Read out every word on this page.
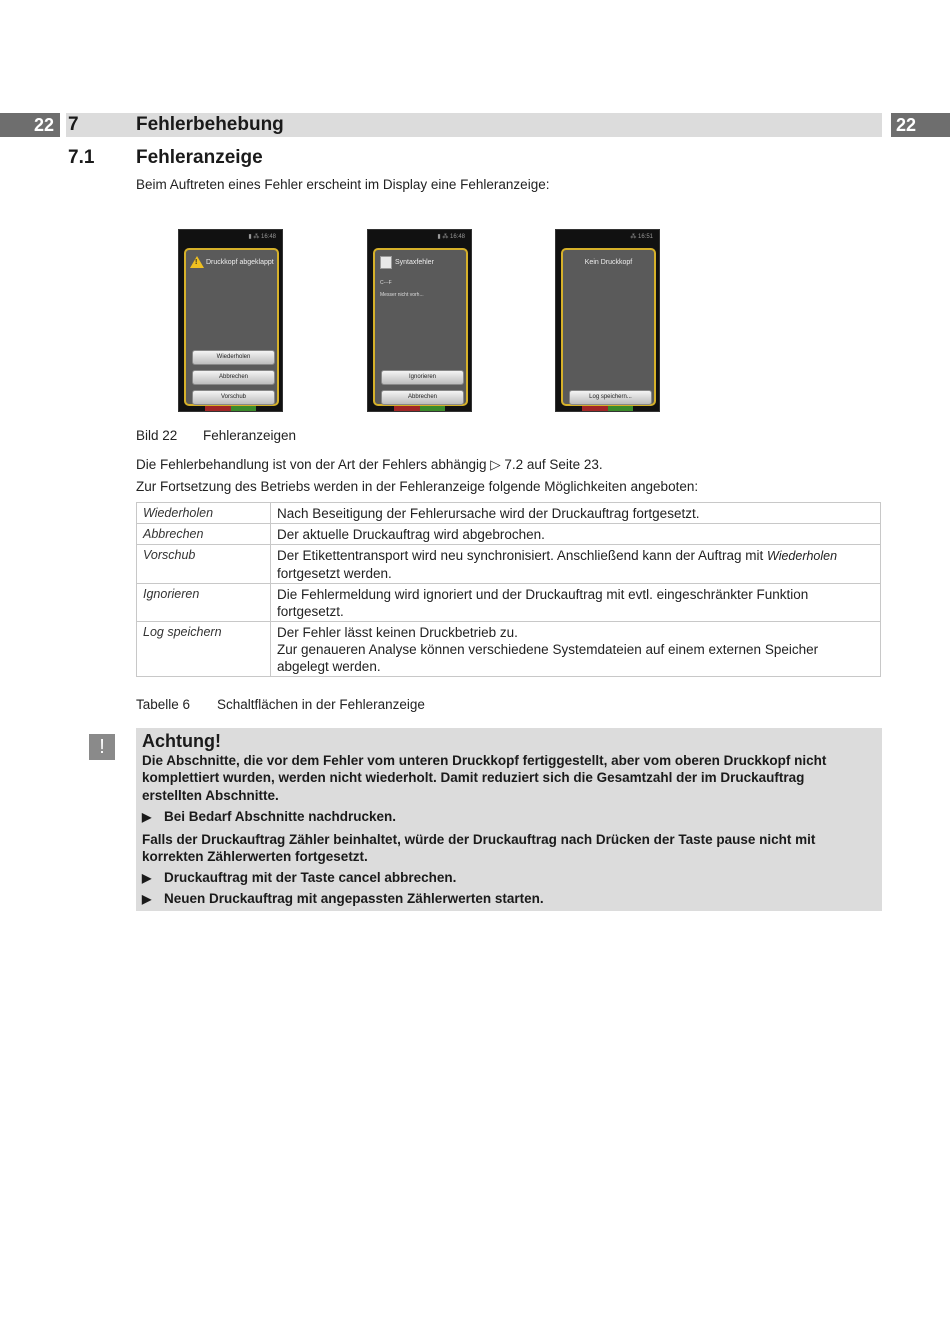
22 7	Fehlerbehebung	22
7.1 Fehleranzeige
Beim Auftreten eines Fehler erscheint im Display eine Fehleranzeige:
▮ ⁂ 16:48
! Druckkopf abgeklappt
Wiederholen
Abbrechen
Vorschub
▮ ⁂ 16:48
Syntaxfehler
C---F
Messer nicht vorh...
Ignorieren
Abbrechen
⁂ 16:51
Kein Druckkopf
Log speichern...
Bild 22 Fehleranzeigen
Die Fehlerbehandlung ist von der Art der Fehlers abhängig ▷ 7.2 auf Seite 23.
Zur Fortsetzung des Betriebs werden in der Fehleranzeige folgende Möglichkeiten angeboten:
Wiederholen	Nach Beseitigung der Fehlerursache wird der Druckauftrag fortgesetzt.
Abbrechen	Der aktuelle Druckauftrag wird abgebrochen.
Vorschub	Der Etikettentransport wird neu synchronisiert. Anschließend kann der Auftrag mit Wiederholen
fortgesetzt werden.
Ignorieren	Die Fehlermeldung wird ignoriert und der Druckauftrag mit evtl. eingeschränkter Funktion
fortgesetzt.
Log speichern	Der Fehler lässt keinen Druckbetrieb zu.
Zur genaueren Analyse können verschiedene Systemdateien auf einem externen Speicher
abgelegt werden.
Tabelle 6 Schaltflächen in der Fehleranzeige
!	Achtung!
Die Abschnitte, die vor dem Fehler vom unteren Druckkopf fertiggestellt, aber vom oberen Druckkopf nicht
komplettiert wurden, werden nicht wiederholt. Damit reduziert sich die Gesamtzahl der im Druckauftrag
erstellten Abschnitte.
▶ Bei Bedarf Abschnitte nachdrucken.
Falls der Druckauftrag Zähler beinhaltet, würde der Druckauftrag nach Drücken der Taste pause nicht mit
korrekten Zählerwerten fortgesetzt.
▶ Druckauftrag mit der Taste cancel abbrechen.
▶ Neuen Druckauftrag mit angepassten Zählerwerten starten.
